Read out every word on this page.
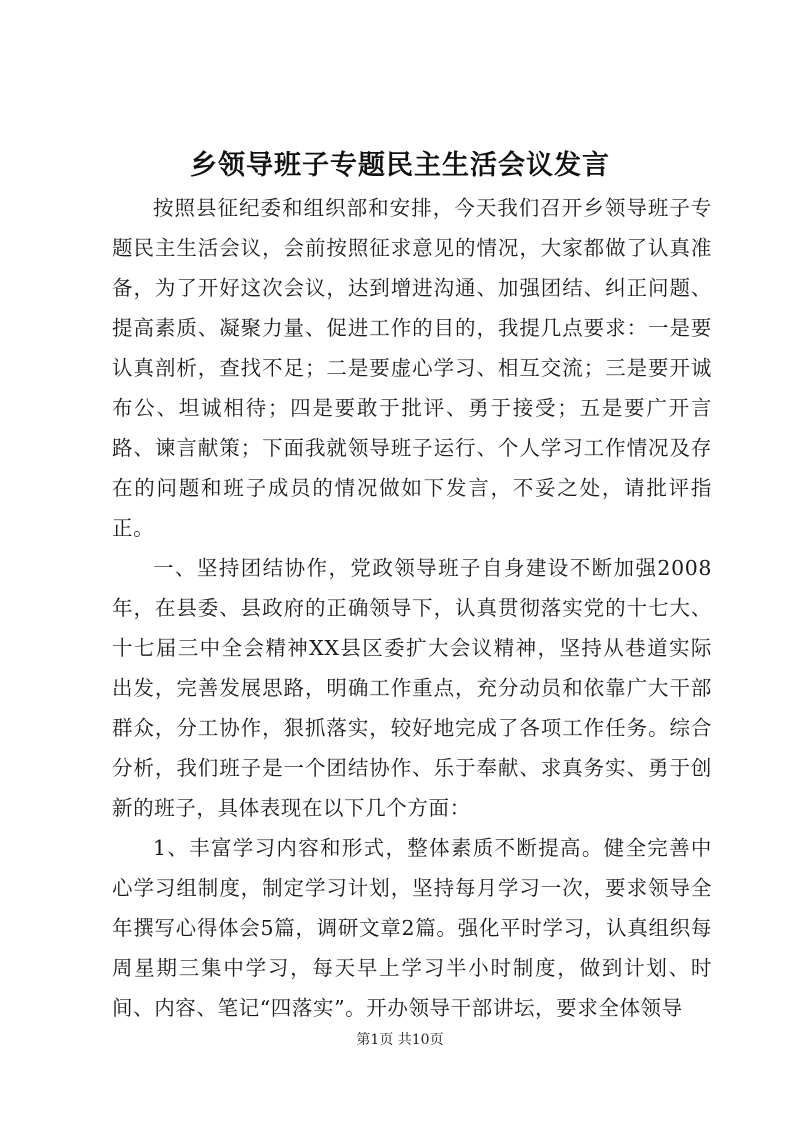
乡领导班子专题民主生活会议发言

按照县征纪委和组织部和安排，今天我们召开乡领导班子专题民主生活会议，会前按照征求意见的情况，大家都做了认真准备，为了开好这次会议，达到增进沟通、加强团结、纠正问题、提高素质、凝聚力量、促进工作的目的，我提几点要求：一是要认真剖析，查找不足；二是要虚心学习、相互交流；三是要开诚布公、坦诚相待；四是要敢于批评、勇于接受；五是要广开言路、谏言献策；下面我就领导班子运行、个人学习工作情况及存在的问题和班子成员的情况做如下发言，不妥之处，请批评指正。

一、坚持团结协作，党政领导班子自身建设不断加强2008年，在县委、县政府的正确领导下，认真贯彻落实党的十七大、十七届三中全会精神XX县区委扩大会议精神，坚持从巷道实际出发，完善发展思路，明确工作重点，充分动员和依靠广大干部群众，分工协作，狠抓落实，较好地完成了各项工作任务。综合分析，我们班子是一个团结协作、乐于奉献、求真务实、勇于创新的班子，具体表现在以下几个方面：

1、丰富学习内容和形式，整体素质不断提高。健全完善中心学习组制度，制定学习计划，坚持每月学习一次，要求领导全年撰写心得体会5篇，调研文章2篇。强化平时学习，认真组织每周星期三集中学习，每天早上学习半小时制度，做到计划、时间、内容、笔记“四落实”。开办领导干部讲坛，要求全体领导

第1页 共10页
